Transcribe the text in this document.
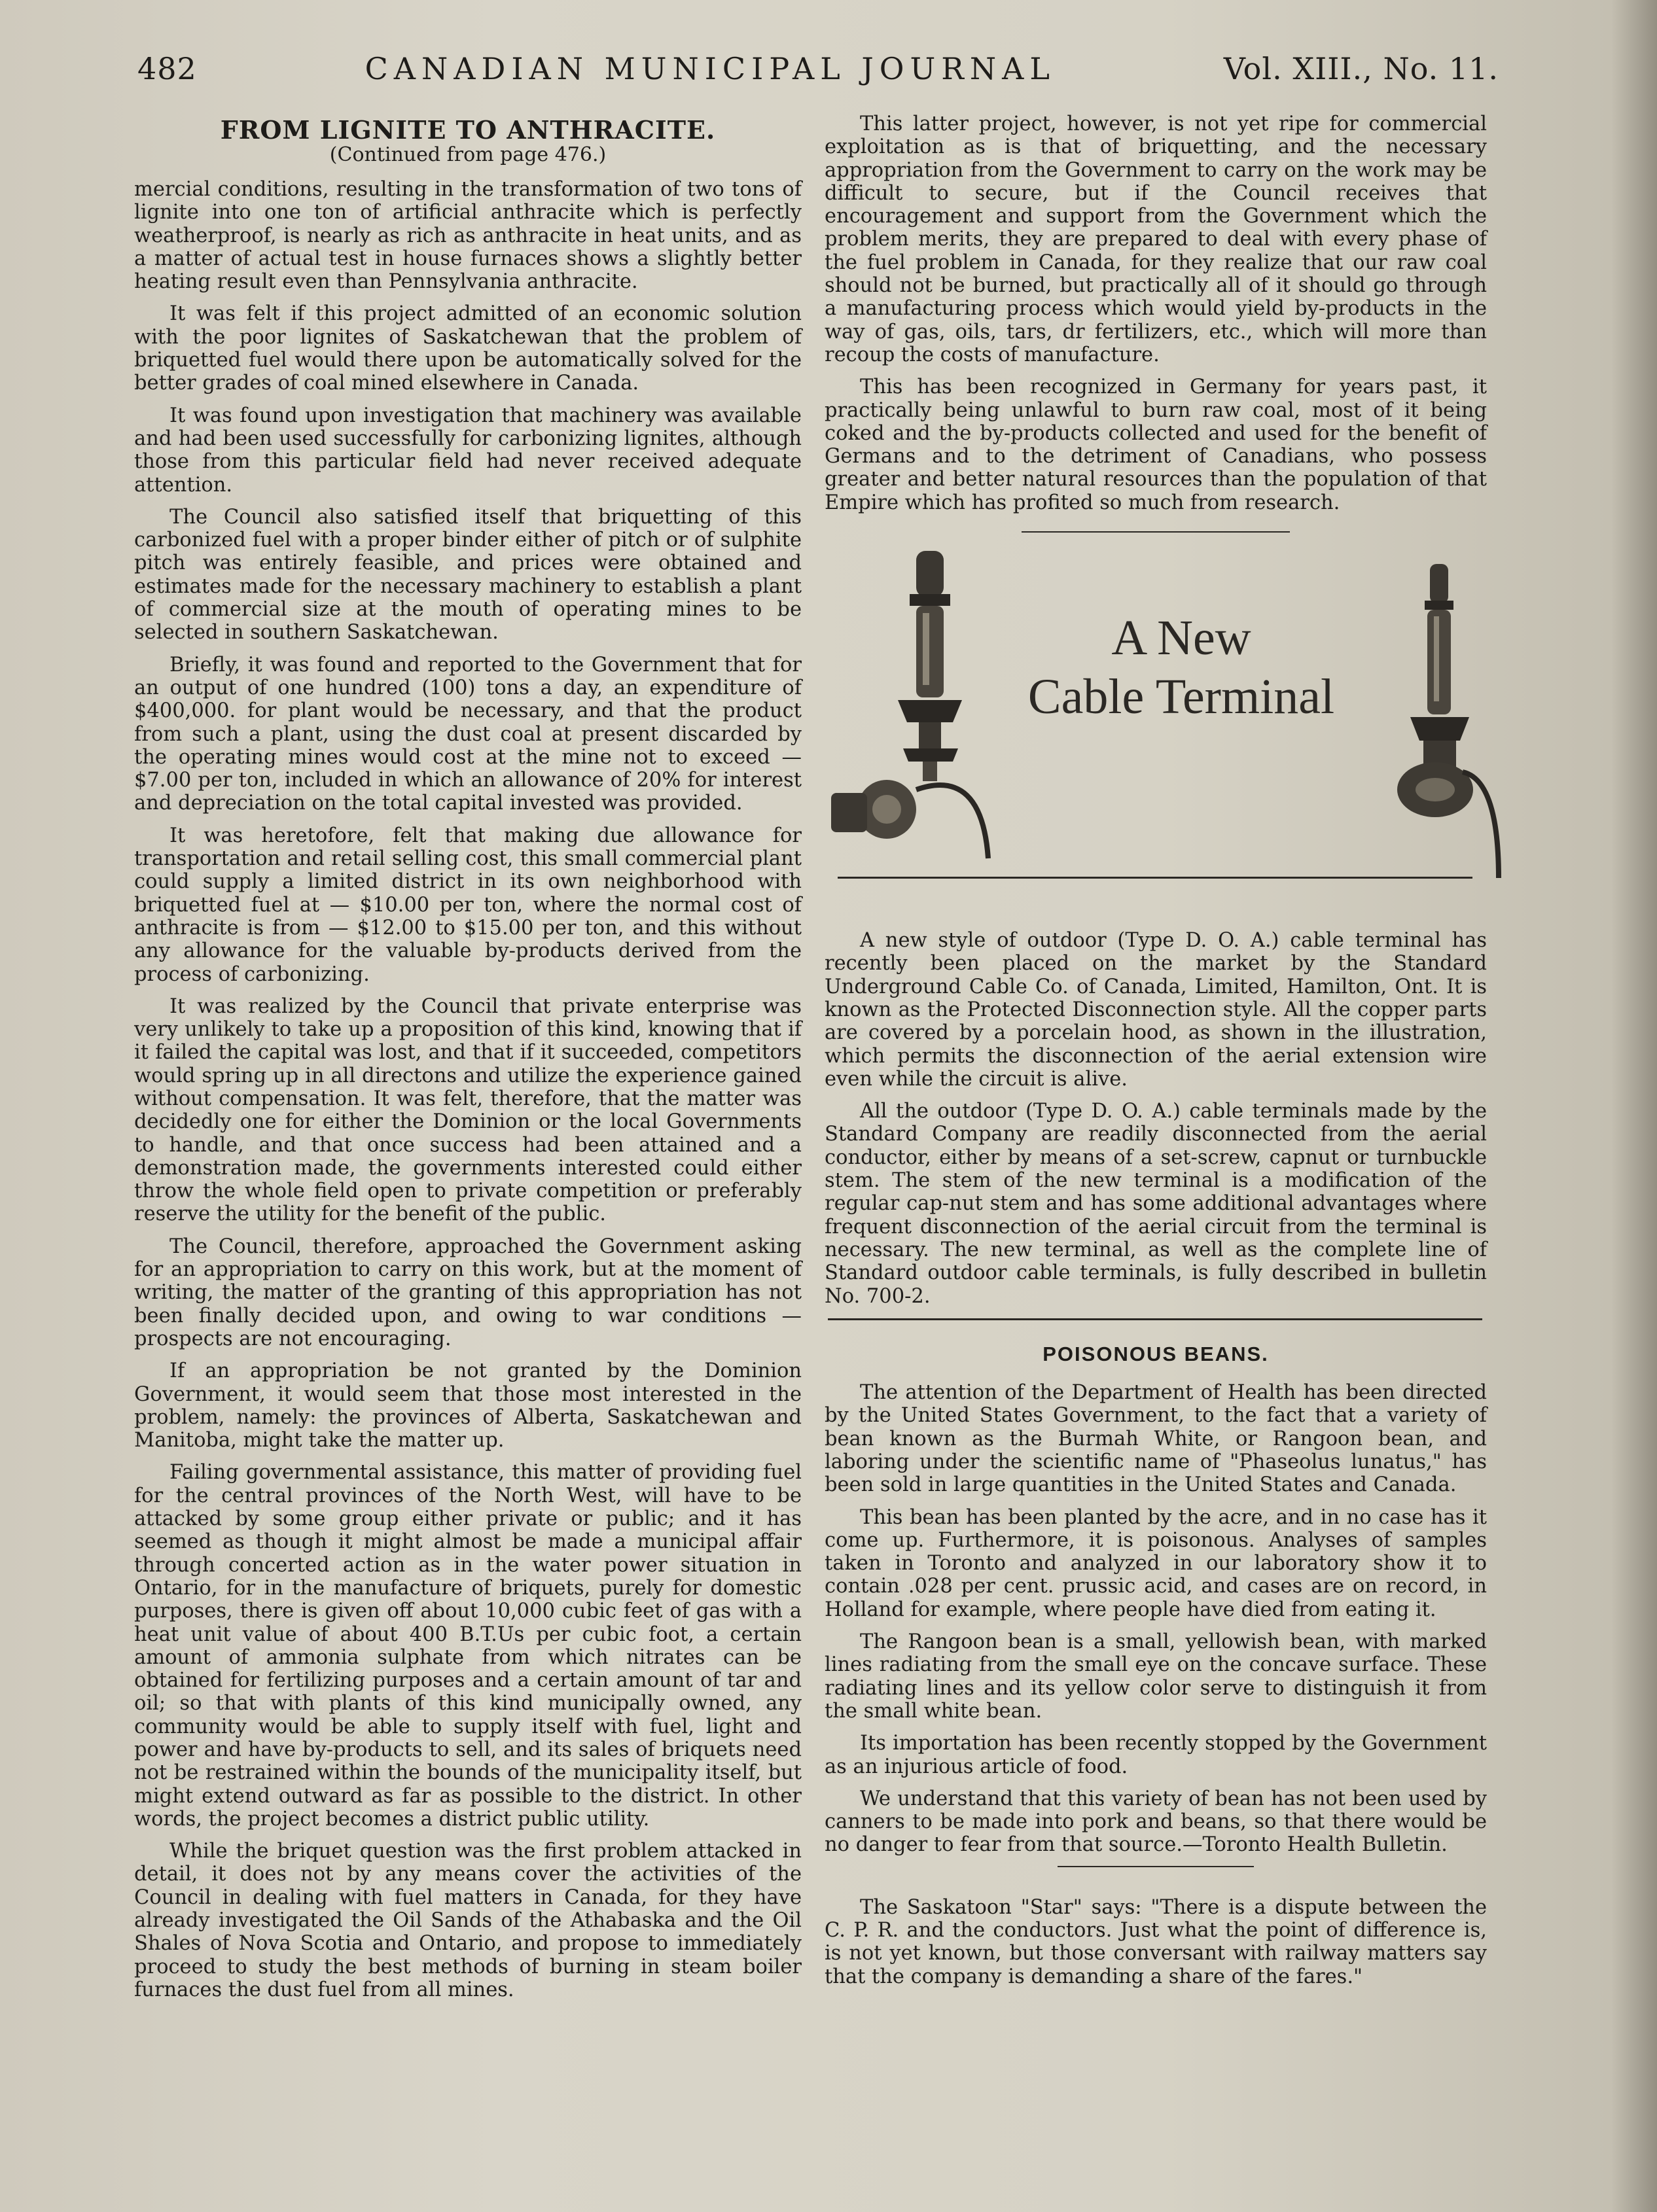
482	CANADIAN MUNICIPAL JOURNAL	Vol. XIII., No. 11.
FROM LIGNITE TO ANTHRACITE.
(Continued from page 476.)

mercial conditions, resulting in the transformation of two tons of lignite into one ton of artificial anthracite which is perfectly weatherproof, is nearly as rich as anthracite in heat units, and as a matter of actual test in house furnaces shows a slightly better heating result even than Pennsylvania anthracite.

It was felt if this project admitted of an economic solution with the poor lignites of Saskatchewan that the problem of briquetted fuel would there upon be automatically solved for the better grades of coal mined elsewhere in Canada.

It was found upon investigation that machinery was available and had been used successfully for carbonizing lignites, although those from this particular field had never received adequate attention.

The Council also satisfied itself that briquetting of this carbonized fuel with a proper binder either of pitch or of sulphite pitch was entirely feasible, and prices were obtained and estimates made for the necessary machinery to establish a plant of commercial size at the mouth of operating mines to be selected in southern Saskatchewan.

Briefly, it was found and reported to the Government that for an output of one hundred (100) tons a day, an expenditure of $400,000. for plant would be necessary, and that the product from such a plant, using the dust coal at present discarded by the operating mines would cost at the mine not to exceed — $7.00 per ton, included in which an allowance of 20% for interest and depreciation on the total capital invested was provided.

It was heretofore, felt that making due allowance for transportation and retail selling cost, this small commercial plant could supply a limited district in its own neighborhood with briquetted fuel at — $10.00 per ton, where the normal cost of anthracite is from — $12.00 to $15.00 per ton, and this without any allowance for the valuable by-products derived from the process of carbonizing.

It was realized by the Council that private enterprise was very unlikely to take up a proposition of this kind, knowing that if it failed the capital was lost, and that if it succeeded, competitors would spring up in all directons and utilize the experience gained without compensation. It was felt, therefore, that the matter was decidedly one for either the Dominion or the local Governments to handle, and that once success had been attained and a demonstration made, the governments interested could either throw the whole field open to private competition or preferably reserve the utility for the benefit of the public.

The Council, therefore, approached the Government asking for an appropriation to carry on this work, but at the moment of writing, the matter of the granting of this appropriation has not been finally decided upon, and owing to war conditions — prospects are not encouraging.

If an appropriation be not granted by the Dominion Government, it would seem that those most interested in the problem, namely: the provinces of Alberta, Saskatchewan and Manitoba, might take the matter up.

Failing governmental assistance, this matter of providing fuel for the central provinces of the North West, will have to be attacked by some group either private or public; and it has seemed as though it might almost be made a municipal affair through concerted action as in the water power situation in Ontario, for in the manufacture of briquets, purely for domestic purposes, there is given off about 10,000 cubic feet of gas with a heat unit value of about 400 B.T.Us per cubic foot, a certain amount of ammonia sulphate from which nitrates can be obtained for fertilizing purposes and a certain amount of tar and oil; so that with plants of this kind municipally owned, any community would be able to supply itself with fuel, light and power and have by-products to sell, and its sales of briquets need not be restrained within the bounds of the municipality itself, but might extend outward as far as possible to the district. In other words, the project becomes a district public utility.

While the briquet question was the first problem attacked in detail, it does not by any means cover the activities of the Council in dealing with fuel matters in Canada, for they have already investigated the Oil Sands of the Athabaska and the Oil Shales of Nova Scotia and Ontario, and propose to immediately proceed to study the best methods of burning in steam boiler furnaces the dust fuel from all mines.

This latter project, however, is not yet ripe for commercial exploitation as is that of briquetting, and the necessary appropriation from the Government to carry on the work may be difficult to secure, but if the Council receives that encouragement and support from the Government which the problem merits, they are prepared to deal with every phase of the fuel problem in Canada, for they realize that our raw coal should not be burned, but practically all of it should go through a manufacturing process which would yield by-products in the way of gas, oils, tars, dr fertilizers, etc., which will more than recoup the costs of manufacture.

This has been recognized in Germany for years past, it practically being unlawful to burn raw coal, most of it being coked and the by-products collected and used for the benefit of Germans and to the detriment of Canadians, who possess greater and better natural resources than the population of that Empire which has profited so much from research.

A New
Cable Terminal

A new style of outdoor (Type D. O. A.) cable terminal has recently been placed on the market by the Standard Underground Cable Co. of Canada, Limited, Hamilton, Ont. It is known as the Protected Disconnection style. All the copper parts are covered by a porcelain hood, as shown in the illustration, which permits the disconnection of the aerial extension wire even while the circuit is alive.

All the outdoor (Type D. O. A.) cable terminals made by the Standard Company are readily disconnected from the aerial conductor, either by means of a set-screw, capnut or turnbuckle stem. The stem of the new terminal is a modification of the regular cap-nut stem and has some additional advantages where frequent disconnection of the aerial circuit from the terminal is necessary. The new terminal, as well as the complete line of Standard outdoor cable terminals, is fully described in bulletin No. 700-2.

POISONOUS BEANS.

The attention of the Department of Health has been directed by the United States Government, to the fact that a variety of bean known as the Burmah White, or Rangoon bean, and laboring under the scientific name of "Phaseolus lunatus," has been sold in large quantities in the United States and Canada.

This bean has been planted by the acre, and in no case has it come up. Furthermore, it is poisonous. Analyses of samples taken in Toronto and analyzed in our laboratory show it to contain .028 per cent. prussic acid, and cases are on record, in Holland for example, where people have died from eating it.

The Rangoon bean is a small, yellowish bean, with marked lines radiating from the small eye on the concave surface. These radiating lines and its yellow color serve to distinguish it from the small white bean.

Its importation has been recently stopped by the Government as an injurious article of food.

We understand that this variety of bean has not been used by canners to be made into pork and beans, so that there would be no danger to fear from that source.—Toronto Health Bulletin.

The Saskatoon "Star" says: "There is a dispute between the C. P. R. and the conductors. Just what the point of difference is, is not yet known, but those conversant with railway matters say that the company is demanding a share of the fares."
